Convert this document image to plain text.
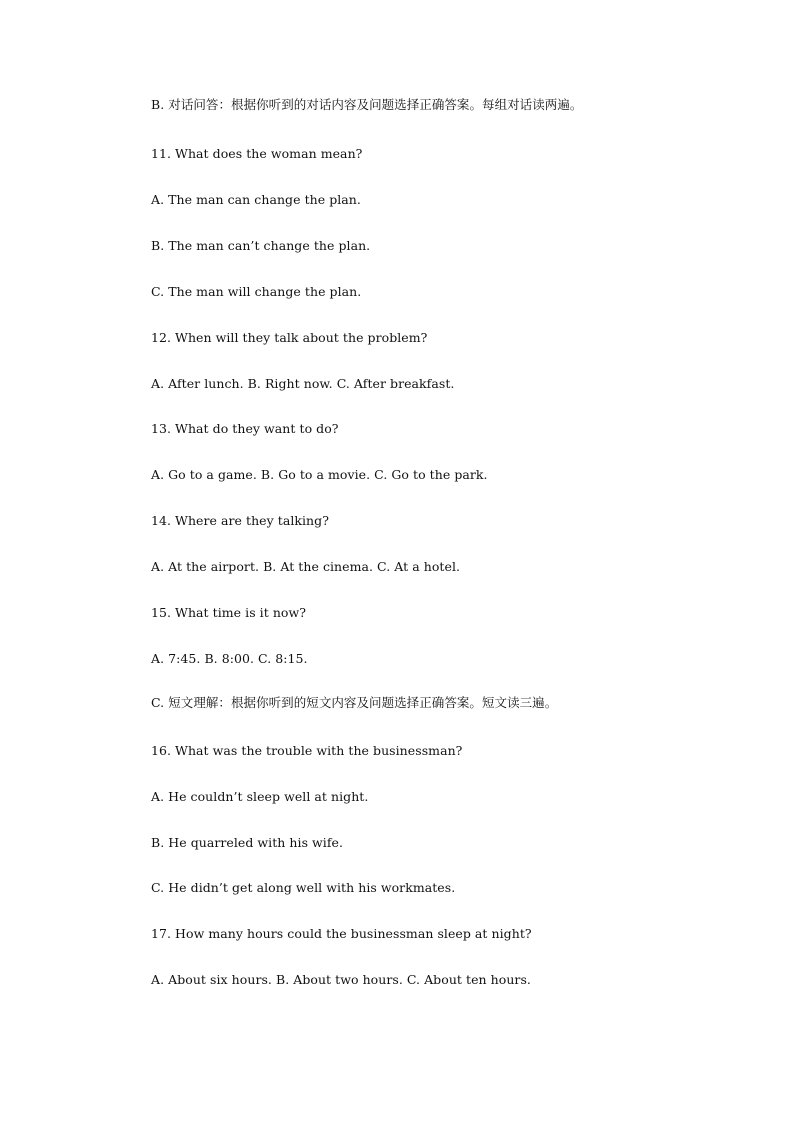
B. 对话问答：根据你听到的对话内容及问题选择正确答案。每组对话读两遍。
11. What does the woman mean?
A. The man can change the plan.
B. The man can’t change the plan.
C. The man will change the plan.
12. When will they talk about the problem?
A. After lunch. B. Right now. C. After breakfast.
13. What do they want to do?
A. Go to a game. B. Go to a movie. C. Go to the park.
14. Where are they talking?
A. At the airport. B. At the cinema. C. At a hotel.
15. What time is it now?
A. 7:45. B. 8:00. C. 8:15.
C. 短文理解：根据你听到的短文内容及问题选择正确答案。短文读三遍。
16. What was the trouble with the businessman?
A. He couldn’t sleep well at night.
B. He quarreled with his wife.
C. He didn’t get along well with his workmates.
17. How many hours could the businessman sleep at night?
A. About six hours. B. About two hours. C. About ten hours.
